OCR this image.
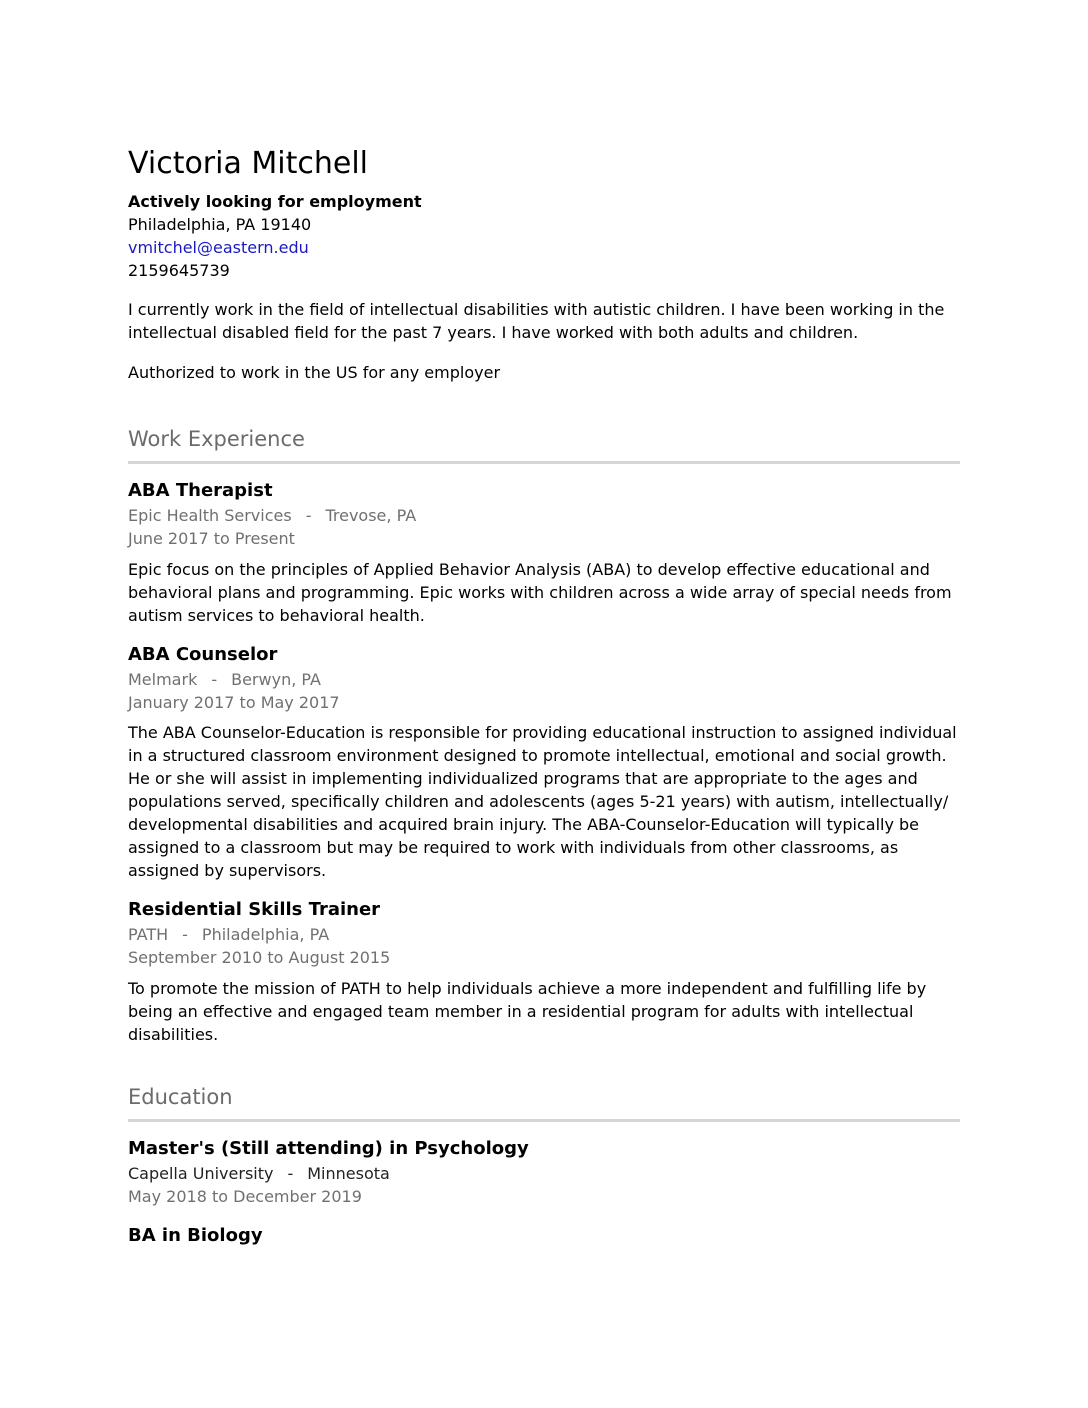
Victoria Mitchell
Actively looking for employment
Philadelphia, PA 19140
vmitchel@eastern.edu
2159645739
I currently work in the field of intellectual disabilities with autistic children. I have been working in the intellectual disabled field for the past 7 years. I have worked with both adults and children.
Authorized to work in the US for any employer
Work Experience
ABA Therapist
Epic Health Services - Trevose, PA
June 2017 to Present
Epic focus on the principles of Applied Behavior Analysis (ABA) to develop effective educational and behavioral plans and programming. Epic works with children across a wide array of special needs from autism services to behavioral health.
ABA Counselor
Melmark - Berwyn, PA
January 2017 to May 2017
The ABA Counselor-Education is responsible for providing educational instruction to assigned individual in a structured classroom environment designed to promote intellectual, emotional and social growth. He or she will assist in implementing individualized programs that are appropriate to the ages and populations served, specifically children and adolescents (ages 5-21 years) with autism, intellectually/ developmental disabilities and acquired brain injury. The ABA-Counselor-Education will typically be assigned to a classroom but may be required to work with individuals from other classrooms, as assigned by supervisors.
Residential Skills Trainer
PATH - Philadelphia, PA
September 2010 to August 2015
To promote the mission of PATH to help individuals achieve a more independent and fulfilling life by being an effective and engaged team member in a residential program for adults with intellectual disabilities.
Education
Master's (Still attending) in Psychology
Capella University - Minnesota
May 2018 to December 2019
BA in Biology
